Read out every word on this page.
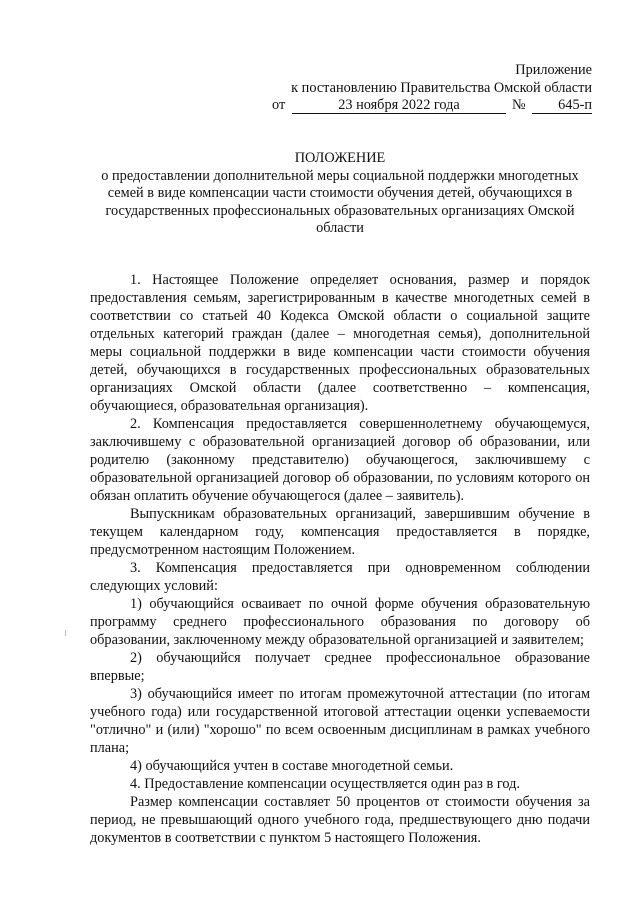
Приложение
к постановлению Правительства Омской области
от	23 ноября 2022 года	№	645-п
ПОЛОЖЕНИЕ
о предоставлении дополнительной меры социальной поддержки многодетных семей в виде компенсации части стоимости обучения детей, обучающихся в государственных профессиональных образовательных организациях Омской области

1. Настоящее Положение определяет основания, размер и порядок предоставления семьям, зарегистрированным в качестве многодетных семей в соответствии со статьей 40 Кодекса Омской области о социальной защите отдельных категорий граждан (далее – многодетная семья), дополнительной меры социальной поддержки в виде компенсации части стоимости обучения детей, обучающихся в государственных профессиональных образовательных организациях Омской области (далее соответственно – компенсация, обучающиеся, образовательная организация).

2. Компенсация предоставляется совершеннолетнему обучающемуся, заключившему с образовательной организацией договор об образовании, или родителю (законному представителю) обучающегося, заключившему с образовательной организацией договор об образовании, по условиям которого он обязан оплатить обучение обучающегося (далее – заявитель).

Выпускникам образовательных организаций, завершившим обучение в текущем календарном году, компенсация предоставляется в порядке, предусмотренном настоящим Положением.

3. Компенсация предоставляется при одновременном соблюдении следующих условий:

1) обучающийся осваивает по очной форме обучения образовательную программу среднего профессионального образования по договору об образовании, заключенному между образовательной организацией и заявителем;

2) обучающийся получает среднее профессиональное образование впервые;

3) обучающийся имеет по итогам промежуточной аттестации (по итогам учебного года) или государственной итоговой аттестации оценки успеваемости "отлично" и (или) "хорошо" по всем освоенным дисциплинам в рамках учебного плана;

4) обучающийся учтен в составе многодетной семьи.

4. Предоставление компенсации осуществляется один раз в год.

Размер компенсации составляет 50 процентов от стоимости обучения за период, не превышающий одного учебного года, предшествующего дню подачи документов в соответствии с пунктом 5 настоящего Положения.
